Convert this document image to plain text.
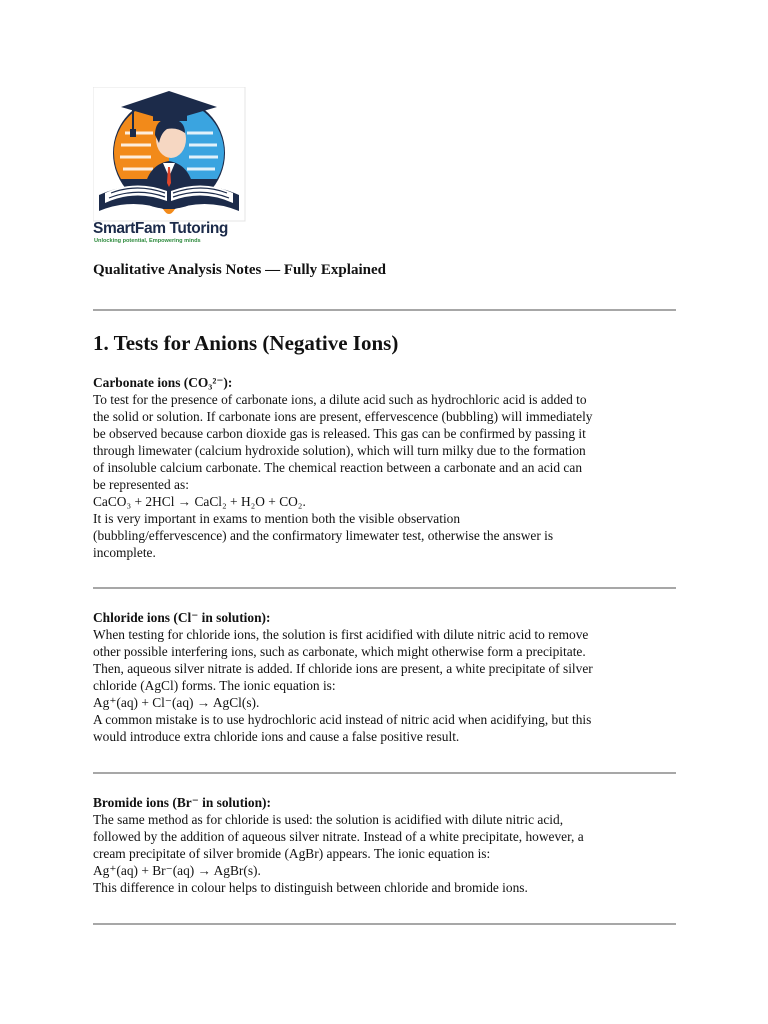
SmartFam Tutoring
Unlocking potential, Empowering minds
Qualitative Analysis Notes — Fully Explained
1. Tests for Anions (Negative Ions)
Carbonate ions (CO₃²⁻):
To test for the presence of carbonate ions, a dilute acid such as hydrochloric acid is added to
the solid or solution. If carbonate ions are present, effervescence (bubbling) will immediately
be observed because carbon dioxide gas is released. This gas can be confirmed by passing it
through limewater (calcium hydroxide solution), which will turn milky due to the formation
of insoluble calcium carbonate. The chemical reaction between a carbonate and an acid can
be represented as:
CaCO₃ + 2HCl → CaCl₂ + H₂O + CO₂.
It is very important in exams to mention both the visible observation
(bubbling/effervescence) and the confirmatory limewater test, otherwise the answer is
incomplete.
Chloride ions (Cl⁻ in solution):
When testing for chloride ions, the solution is first acidified with dilute nitric acid to remove
other possible interfering ions, such as carbonate, which might otherwise form a precipitate.
Then, aqueous silver nitrate is added. If chloride ions are present, a white precipitate of silver
chloride (AgCl) forms. The ionic equation is:
Ag⁺(aq) + Cl⁻(aq) → AgCl(s).
A common mistake is to use hydrochloric acid instead of nitric acid when acidifying, but this
would introduce extra chloride ions and cause a false positive result.
Bromide ions (Br⁻ in solution):
The same method as for chloride is used: the solution is acidified with dilute nitric acid,
followed by the addition of aqueous silver nitrate. Instead of a white precipitate, however, a
cream precipitate of silver bromide (AgBr) appears. The ionic equation is:
Ag⁺(aq) + Br⁻(aq) → AgBr(s).
This difference in colour helps to distinguish between chloride and bromide ions.
